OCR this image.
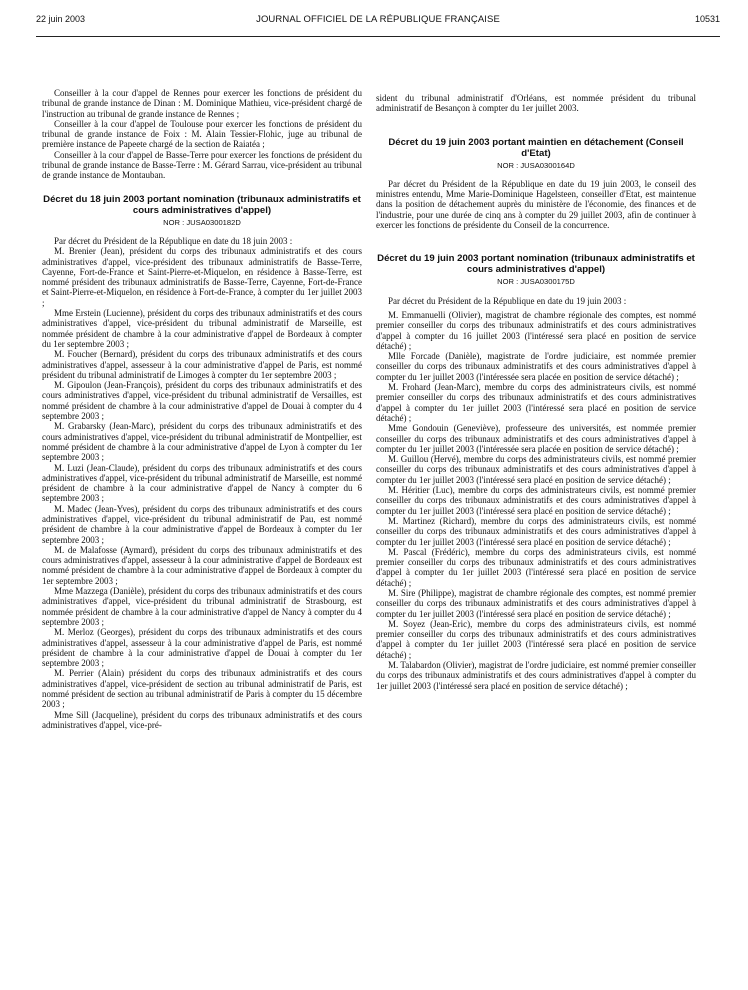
22 juin 2003	JOURNAL OFFICIEL DE LA RÉPUBLIQUE FRANÇAISE	10531

Conseiller à la cour d'appel de Rennes pour exercer les fonctions de président du tribunal de grande instance de Dinan : M. Dominique Mathieu, vice-président chargé de l'instruction au tribunal de grande instance de Rennes ;

Conseiller à la cour d'appel de Toulouse pour exercer les fonctions de président du tribunal de grande instance de Foix : M. Alain Tessier-Flohic, juge au tribunal de première instance de Papeete chargé de la section de Raiatéa ;

Conseiller à la cour d'appel de Basse-Terre pour exercer les fonctions de président du tribunal de grande instance de Basse-Terre : M. Gérard Sarrau, vice-président au tribunal de grande instance de Montauban.

Décret du 18 juin 2003 portant nomination (tribunaux administratifs et cours administratives d'appel)
NOR : JUSA0300182D

Par décret du Président de la République en date du 18 juin 2003 :

M. Brenier (Jean), président du corps des tribunaux administratifs et des cours administratives d'appel, vice-président des tribunaux administratifs de Basse-Terre, Cayenne, Fort-de-France et Saint-Pierre-et-Miquelon, en résidence à Basse-Terre, est nommé président des tribunaux administratifs de Basse-Terre, Cayenne, Fort-de-France et Saint-Pierre-et-Miquelon, en résidence à Fort-de-France, à compter du 1er juillet 2003 ;

Mme Erstein (Lucienne), président du corps des tribunaux administratifs et des cours administratives d'appel, vice-président du tribunal administratif de Marseille, est nommée président de chambre à la cour administrative d'appel de Bordeaux à compter du 1er septembre 2003 ;

M. Foucher (Bernard), président du corps des tribunaux administratifs et des cours administratives d'appel, assesseur à la cour administrative d'appel de Paris, est nommé président du tribunal administratif de Limoges à compter du 1er septembre 2003 ;

M. Gipoulon (Jean-François), président du corps des tribunaux administratifs et des cours administratives d'appel, vice-président du tribunal administratif de Versailles, est nommé président de chambre à la cour administrative d'appel de Douai à compter du 4 septembre 2003 ;

M. Grabarsky (Jean-Marc), président du corps des tribunaux administratifs et des cours administratives d'appel, vice-président du tribunal administratif de Montpellier, est nommé président de chambre à la cour administrative d'appel de Lyon à compter du 1er septembre 2003 ;

M. Luzi (Jean-Claude), président du corps des tribunaux administratifs et des cours administratives d'appel, vice-président du tribunal administratif de Marseille, est nommé président de chambre à la cour administrative d'appel de Nancy à compter du 6 septembre 2003 ;

M. Madec (Jean-Yves), président du corps des tribunaux administratifs et des cours administratives d'appel, vice-président du tribunal administratif de Pau, est nommé président de chambre à la cour administrative d'appel de Bordeaux à compter du 1er septembre 2003 ;

M. de Malafosse (Aymard), président du corps des tribunaux administratifs et des cours administratives d'appel, assesseur à la cour administrative d'appel de Bordeaux est nommé président de chambre à la cour administrative d'appel de Bordeaux à compter du 1er septembre 2003 ;

Mme Mazzega (Danièle), président du corps des tribunaux administratifs et des cours administratives d'appel, vice-président du tribunal administratif de Strasbourg, est nommée président de chambre à la cour administrative d'appel de Nancy à compter du 4 septembre 2003 ;

M. Merloz (Georges), président du corps des tribunaux administratifs et des cours administratives d'appel, assesseur à la cour administrative d'appel de Paris, est nommé président de chambre à la cour administrative d'appel de Douai à compter du 1er septembre 2003 ;

M. Perrier (Alain) président du corps des tribunaux administratifs et des cours administratives d'appel, vice-président de section au tribunal administratif de Paris, est nommé président de section au tribunal administratif de Paris à compter du 15 décembre 2003 ;

Mme Sill (Jacqueline), président du corps des tribunaux administratifs et des cours administratives d'appel, vice-pré-

sident du tribunal administratif d'Orléans, est nommée président du tribunal administratif de Besançon à compter du 1er juillet 2003.

Décret du 19 juin 2003 portant maintien en détachement (Conseil d'Etat)
NOR : JUSA0300164D

Par décret du Président de la République en date du 19 juin 2003, le conseil des ministres entendu, Mme Marie-Dominique Hagelsteen, conseiller d'Etat, est maintenue dans la position de détachement auprès du ministère de l'économie, des finances et de l'industrie, pour une durée de cinq ans à compter du 29 juillet 2003, afin de continuer à exercer les fonctions de présidente du Conseil de la concurrence.

Décret du 19 juin 2003 portant nomination (tribunaux administratifs et cours administratives d'appel)
NOR : JUSA0300175D

Par décret du Président de la République en date du 19 juin 2003 :

M. Emmanuelli (Olivier), magistrat de chambre régionale des comptes, est nommé premier conseiller du corps des tribunaux administratifs et des cours administratives d'appel à compter du 16 juillet 2003 (l'intéressé sera placé en position de service détaché) ;

Mlle Forcade (Danièle), magistrate de l'ordre judiciaire, est nommée premier conseiller du corps des tribunaux administratifs et des cours administratives d'appel à compter du 1er juillet 2003 (l'intéressée sera placée en position de service détaché) ;

M. Frohard (Jean-Marc), membre du corps des administrateurs civils, est nommé premier conseiller du corps des tribunaux administratifs et des cours administratives d'appel à compter du 1er juillet 2003 (l'intéressé sera placé en position de service détaché) ;

Mme Gondouin (Geneviève), professeure des universités, est nommée premier conseiller du corps des tribunaux administratifs et des cours administratives d'appel à compter du 1er juillet 2003 (l'intéressée sera placée en position de service détaché) ;

M. Guillou (Hervé), membre du corps des administrateurs civils, est nommé premier conseiller du corps des tribunaux administratifs et des cours administratives d'appel à compter du 1er juillet 2003 (l'intéressé sera placé en position de service détaché) ;

M. Héritier (Luc), membre du corps des administrateurs civils, est nommé premier conseiller du corps des tribunaux administratifs et des cours administratives d'appel à compter du 1er juillet 2003 (l'intéressé sera placé en position de service détaché) ;

M. Martinez (Richard), membre du corps des administrateurs civils, est nommé conseiller du corps des tribunaux administratifs et des cours administratives d'appel à compter du 1er juillet 2003 (l'intéressé sera placé en position de service détaché) ;

M. Pascal (Frédéric), membre du corps des administrateurs civils, est nommé premier conseiller du corps des tribunaux administratifs et des cours administratives d'appel à compter du 1er juillet 2003 (l'intéressé sera placé en position de service détaché) ;

M. Sire (Philippe), magistrat de chambre régionale des comptes, est nommé premier conseiller du corps des tribunaux administratifs et des cours administratives d'appel à compter du 1er juillet 2003 (l'intéressé sera placé en position de service détaché) ;

M. Soyez (Jean-Eric), membre du corps des administrateurs civils, est nommé premier conseiller du corps des tribunaux administratifs et des cours administratives d'appel à compter du 1er juillet 2003 (l'intéressé sera placé en position de service détaché) ;

M. Talabardon (Olivier), magistrat de l'ordre judiciaire, est nommé premier conseiller du corps des tribunaux administratifs et des cours administratives d'appel à compter du 1er juillet 2003 (l'intéressé sera placé en position de service détaché) ;
